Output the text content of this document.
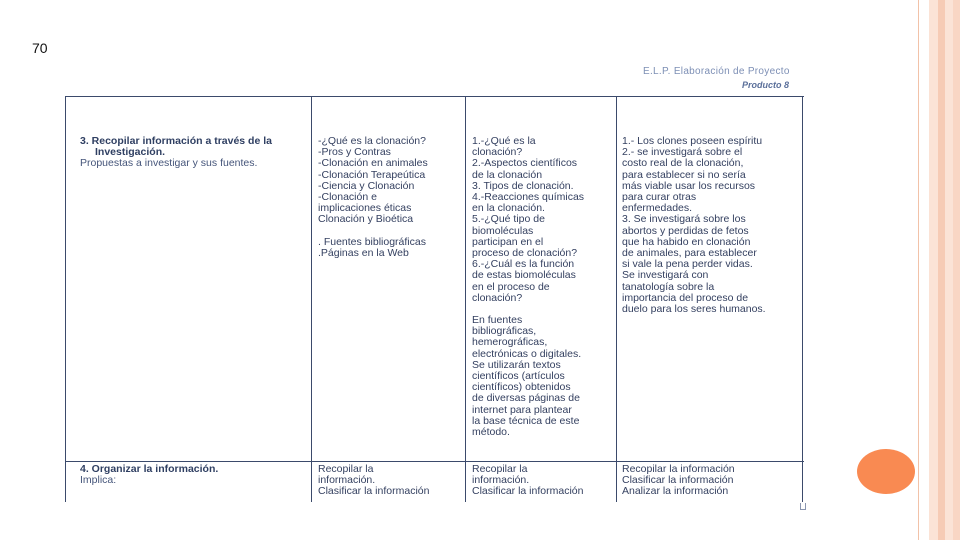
70
E.L.P. Elaboración de Proyecto
Producto 8
3. Recopilar información a través de la
Investigación.
Propuestas a investigar y sus fuentes.
-¿Qué es la clonación?
-Pros y Contras
-Clonación en animales
-Clonación Terapeútica
-Ciencia y Clonación
-Clonación e
implicaciones éticas
Clonación y Bioética
. Fuentes bibliográficas
.Páginas en la Web
1.-¿Qué es la
clonación?
2.-Aspectos científicos
de la clonación
3. Tipos de clonación.
4.-Reacciones químicas
en la clonación.
5.-¿Qué tipo de
biomoléculas
participan en el
proceso de clonación?
6.-¿Cuál es la función
de estas biomoléculas
en el proceso de
clonación?
En fuentes
bibliográficas,
hemerográficas,
electrónicas o digitales.
Se utilizarán textos
científicos (artículos
científicos) obtenidos
de diversas páginas de
internet para plantear
la base técnica de este
método.
1.- Los clones poseen espíritu
2.- se investigará sobre el
costo real de la clonación,
para establecer si no sería
más viable usar los recursos
para curar otras
enfermedades.
3. Se investigará sobre los
abortos y perdidas de fetos
que ha habido en clonación
de animales, para establecer
si vale la pena perder vidas.
Se investigará con
tanatología sobre la
importancia del proceso de
duelo para los seres humanos.
4. Organizar la información.
Implica:
Recopilar la
información.
Clasificar la información
Recopilar la
información.
Clasificar la información
Recopilar la información
Clasificar la información
Analizar la información
